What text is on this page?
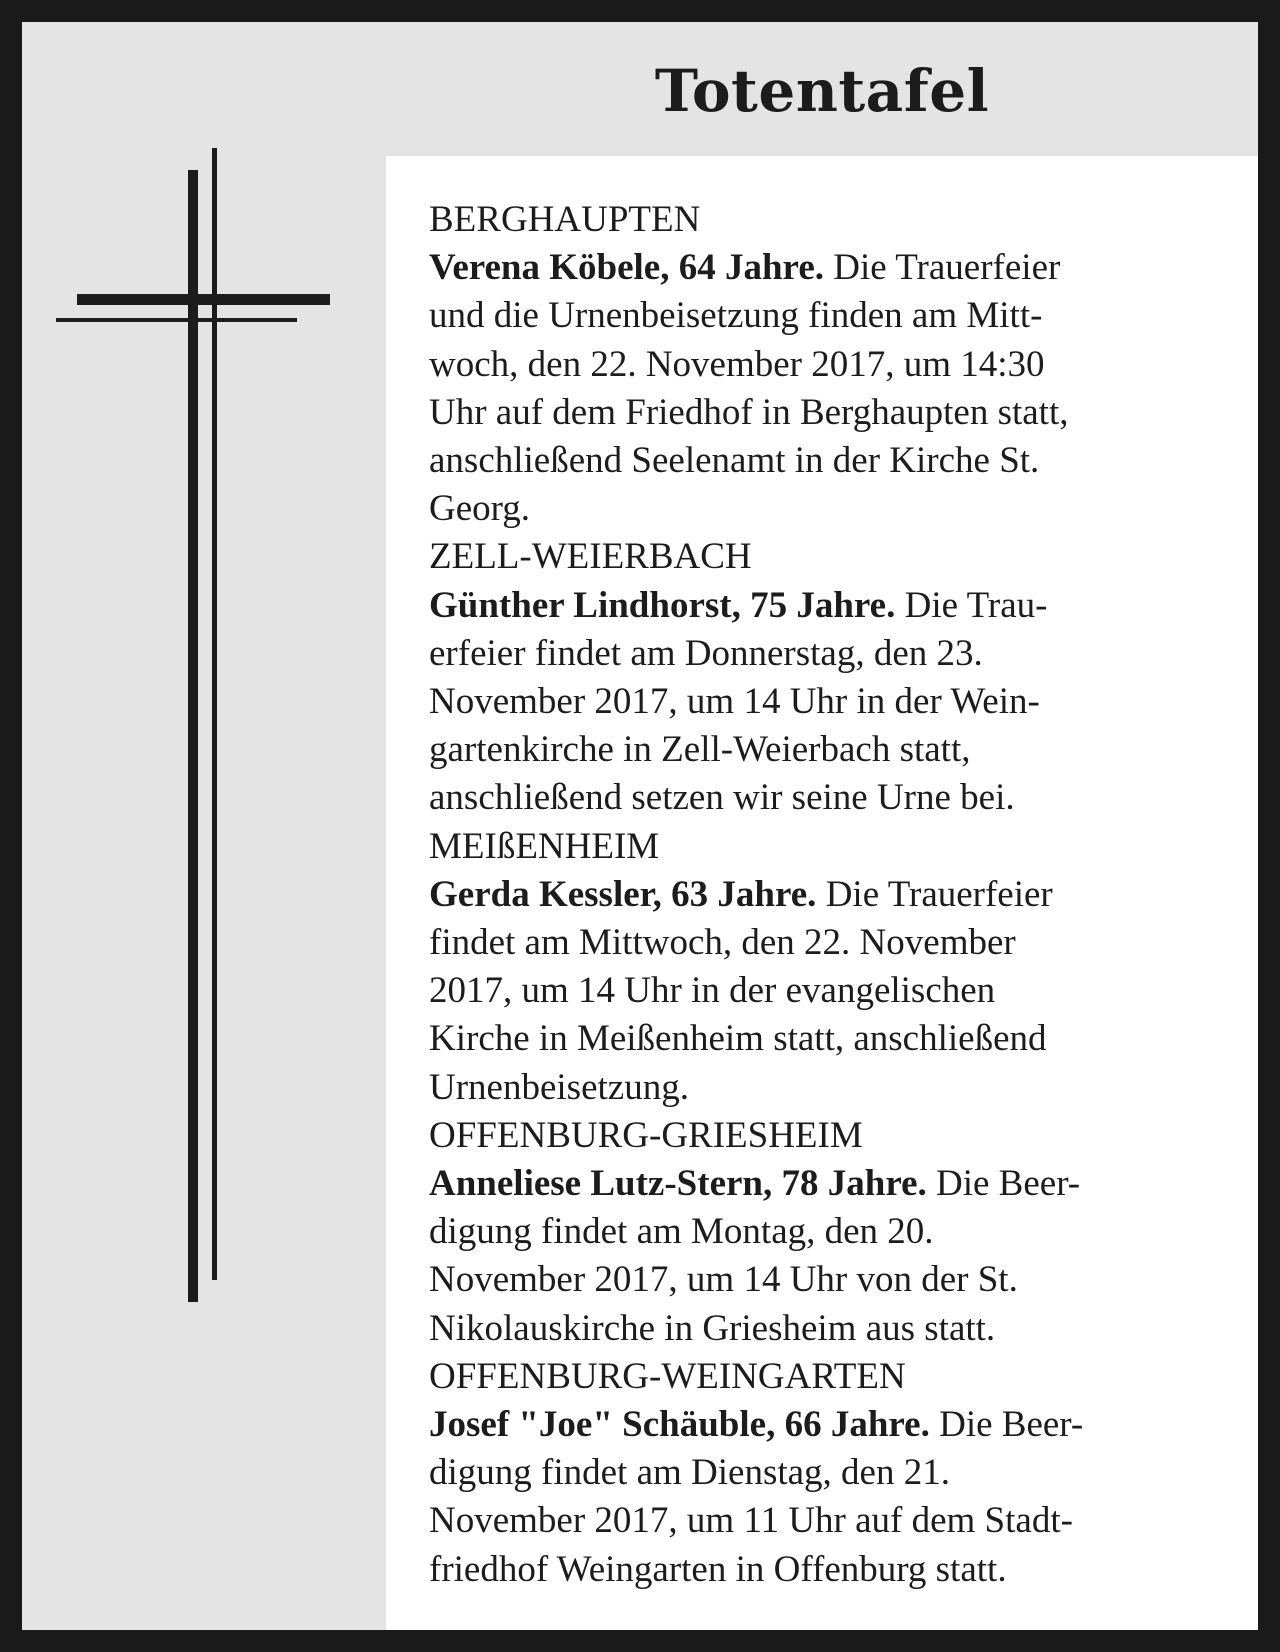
Totentafel
BERGHAUPTEN
Verena Köbele, 64 Jahre. Die Trauerfeier
und die Urnenbeisetzung finden am Mitt-
woch, den 22. November 2017, um 14:30
Uhr auf dem Friedhof in Berghaupten statt,
anschließend Seelenamt in der Kirche St.
Georg.
ZELL-WEIERBACH
Günther Lindhorst, 75 Jahre. Die Trau-
erfeier findet am Donnerstag, den 23.
November 2017, um 14 Uhr in der Wein-
gartenkirche in Zell-Weierbach statt,
anschließend setzen wir seine Urne bei.
MEIßENHEIM
Gerda Kessler, 63 Jahre. Die Trauerfeier
findet am Mittwoch, den 22. November
2017, um 14 Uhr in der evangelischen
Kirche in Meißenheim statt, anschließend
Urnenbeisetzung.
OFFENBURG-GRIESHEIM
Anneliese Lutz-Stern, 78 Jahre. Die Beer-
digung findet am Montag, den 20.
November 2017, um 14 Uhr von der St.
Nikolauskirche in Griesheim aus statt.
OFFENBURG-WEINGARTEN
Josef "Joe" Schäuble, 66 Jahre. Die Beer-
digung findet am Dienstag, den 21.
November 2017, um 11 Uhr auf dem Stadt-
friedhof Weingarten in Offenburg statt.
